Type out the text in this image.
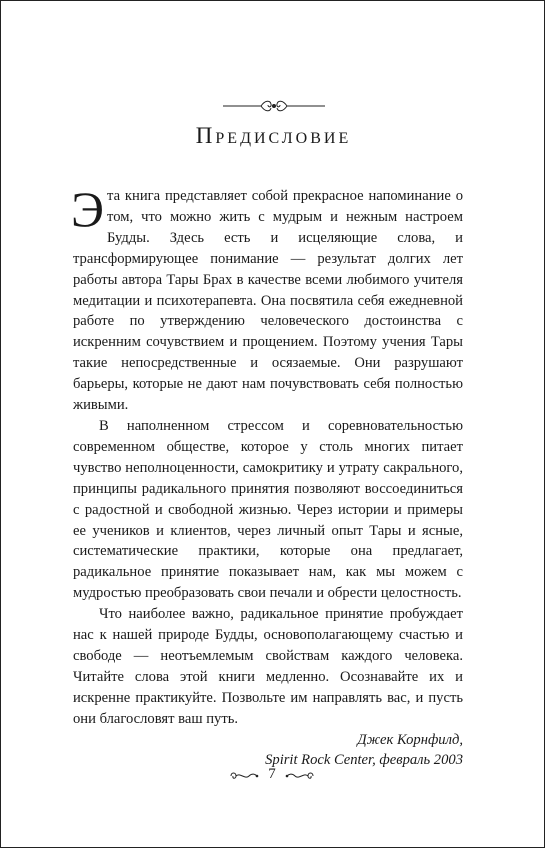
Предисловие

Эта книга представляет собой прекрасное напоминание о том, что можно жить с мудрым и нежным настроем Будды. Здесь есть и исцеляющие слова, и трансформирующее понимание — результат долгих лет работы автора Тары Брах в качестве всеми любимого учителя медитации и психотерапевта. Она посвятила себя ежедневной работе по утверждению человеческого достоинства с искренним сочувствием и прощением. Поэтому учения Тары такие непосредственные и осязаемые. Они разрушают барьеры, которые не дают нам почувствовать себя полностью живыми.

В наполненном стрессом и соревновательностью современном обществе, которое у столь многих питает чувство неполноценности, самокритику и утрату сакрального, принципы радикального принятия позволяют воссоединиться с радостной и свободной жизнью. Через истории и примеры ее учеников и клиентов, через личный опыт Тары и ясные, систематические практики, которые она предлагает, радикальное принятие показывает нам, как мы можем с мудростью преобразовать свои печали и обрести целостность.

Что наиболее важно, радикальное принятие пробуждает нас к нашей природе Будды, основополагающему счастью и свободе — неотъемлемым свойствам каждого человека. Читайте слова этой книги медленно. Осознавайте их и искренне практикуйте. Позвольте им направлять вас, и пусть они благословят ваш путь.

Джек Корнфилд,

Spirit Rock Center, февраль 2003

7
